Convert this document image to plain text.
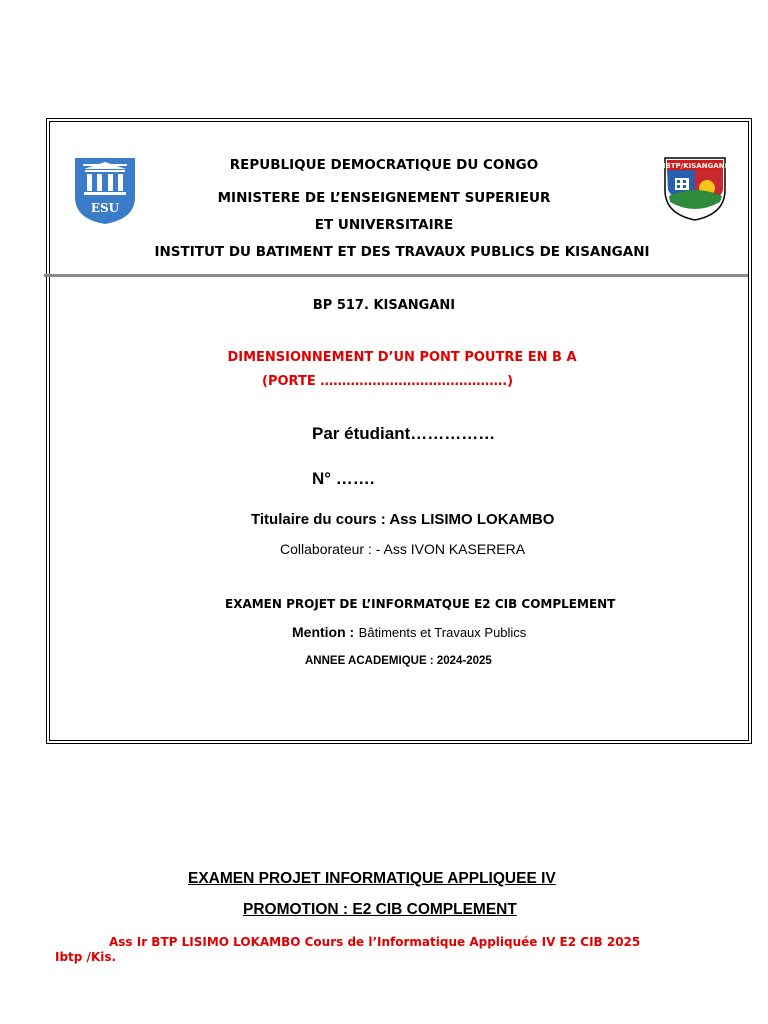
ESU
IBTP/KISANGANI
REPUBLIQUE DEMOCRATIQUE DU CONGO
MINISTERE DE L’ENSEIGNEMENT SUPERIEUR
ET UNIVERSITAIRE
INSTITUT DU BATIMENT ET DES TRAVAUX PUBLICS DE KISANGANI
BP 517. KISANGANI
DIMENSIONNEMENT D’UN PONT POUTRE EN B A
(PORTE …………………………………….)
Par étudiant……………
N° …….
Titulaire du cours : Ass LISIMO LOKAMBO
Collaborateur : - Ass IVON KASERERA
EXAMEN PROJET DE L’INFORMATQUE E2 CIB COMPLEMENT
Mention : Bâtiments et Travaux Publics
ANNEE ACADEMIQUE : 2024-2025
EXAMEN PROJET INFORMATIQUE APPLIQUEE IV
PROMOTION : E2 CIB COMPLEMENT
Ass Ir BTP LISIMO LOKAMBO Cours de l’Informatique Appliquée IV E2 CIB 2025
Ibtp /Kis.
